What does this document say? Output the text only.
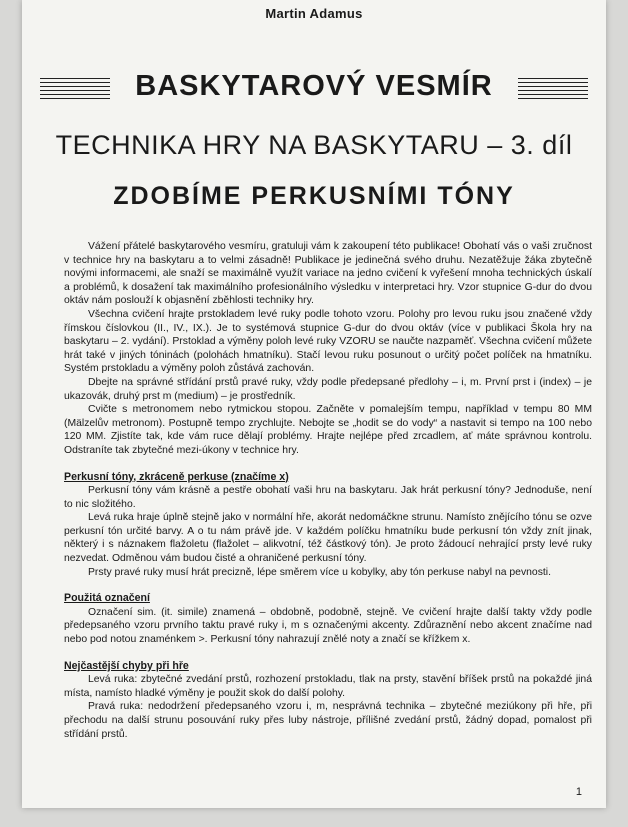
Martin Adamus
BASKYTAROVÝ VESMÍR
TECHNIKA HRY NA BASKYTARU – 3. díl
ZDOBÍME PERKUSNÍMI TÓNY

Vážení přátelé baskytarového vesmíru, gratuluji vám k zakoupení této publikace! Obohatí vás o vaši zručnost v technice hry na baskytaru a to velmi zásadně! Publikace je jedinečná svého druhu. Nezatěžuje žáka zbytečně novými informacemi, ale snaží se maximálně využít variace na jedno cvičení k vyřešení mnoha technických úskalí a problémů, k dosažení tak maximálního profesionálního výsledku v interpretaci hry. Vzor stupnice G-dur do dvou oktáv nám poslouží k objasnění zběhlosti techniky hry.

Všechna cvičení hrajte prstokladem levé ruky podle tohoto vzoru. Polohy pro levou ruku jsou značené vždy římskou číslovkou (II., IV., IX.). Je to systémová stupnice G-dur do dvou oktáv (více v publikaci Škola hry na baskytaru – 2. vydání). Prstoklad a výměny poloh levé ruky VZORU se naučte nazpaměť. Všechna cvičení můžete hrát také v jiných tóninách (polohách hmatníku). Stačí levou ruku posunout o určitý počet políček na hmatníku. Systém prstokladu a výměny poloh zůstává zachován.

Dbejte na správné střídání prstů pravé ruky, vždy podle předepsané předlohy – i, m. První prst i (index) – je ukazovák, druhý prst m (medium) – je prostředník.

Cvičte s metronomem nebo rytmickou stopou. Začněte v pomalejším tempu, například v tempu 80 MM (Mälzelův metronom). Postupně tempo zrychlujte. Nebojte se „hodit se do vody“ a nastavit si tempo na 100 nebo 120 MM. Zjistíte tak, kde vám ruce dělají problémy. Hrajte nejlépe před zrcadlem, ať máte správnou kontrolu. Odstraníte tak zbytečné mezi-úkony v technice hry.

Perkusní tóny, zkráceně perkuse (značíme x)

Perkusní tóny vám krásně a pestře obohatí vaši hru na baskytaru. Jak hrát perkusní tóny? Jednoduše, není to nic složitého.

Levá ruka hraje úplně stejně jako v normální hře, akorát nedomáčkne strunu. Namísto znějícího tónu se ozve perkusní tón určité barvy. A o tu nám právě jde. V každém políčku hmatníku bude perkusní tón vždy znít jinak, některý i s náznakem flažoletu (flažolet – alikvotní, též částkový tón). Je proto žádoucí nehrající prsty levé ruky nezvedat. Odměnou vám budou čisté a ohraničené perkusní tóny.

Prsty pravé ruky musí hrát precizně, lépe směrem více u kobylky, aby tón perkuse nabyl na pevnosti.

Použitá označení

Označení sim. (it. simile) znamená – obdobně, podobně, stejně. Ve cvičení hrajte další takty vždy podle předepsaného vzoru prvního taktu pravé ruky i, m s označenými akcenty. Zdůraznění nebo akcent značíme nad nebo pod notou znaménkem >. Perkusní tóny nahrazují znělé noty a značí se křížkem x.

Nejčastější chyby při hře

Levá ruka: zbytečné zvedání prstů, rozhození prstokladu, tlak na prsty, stavění bříšek prstů na pokaždé jiná místa, namísto hladké výměny je použit skok do další polohy.

Pravá ruka: nedodržení předepsaného vzoru i, m, nesprávná technika – zbytečné meziúkony při hře, při přechodu na další strunu posouvání ruky přes luby nástroje, přílišné zvedání prstů, žádný dopad, pomalost při střídání prstů.

1
